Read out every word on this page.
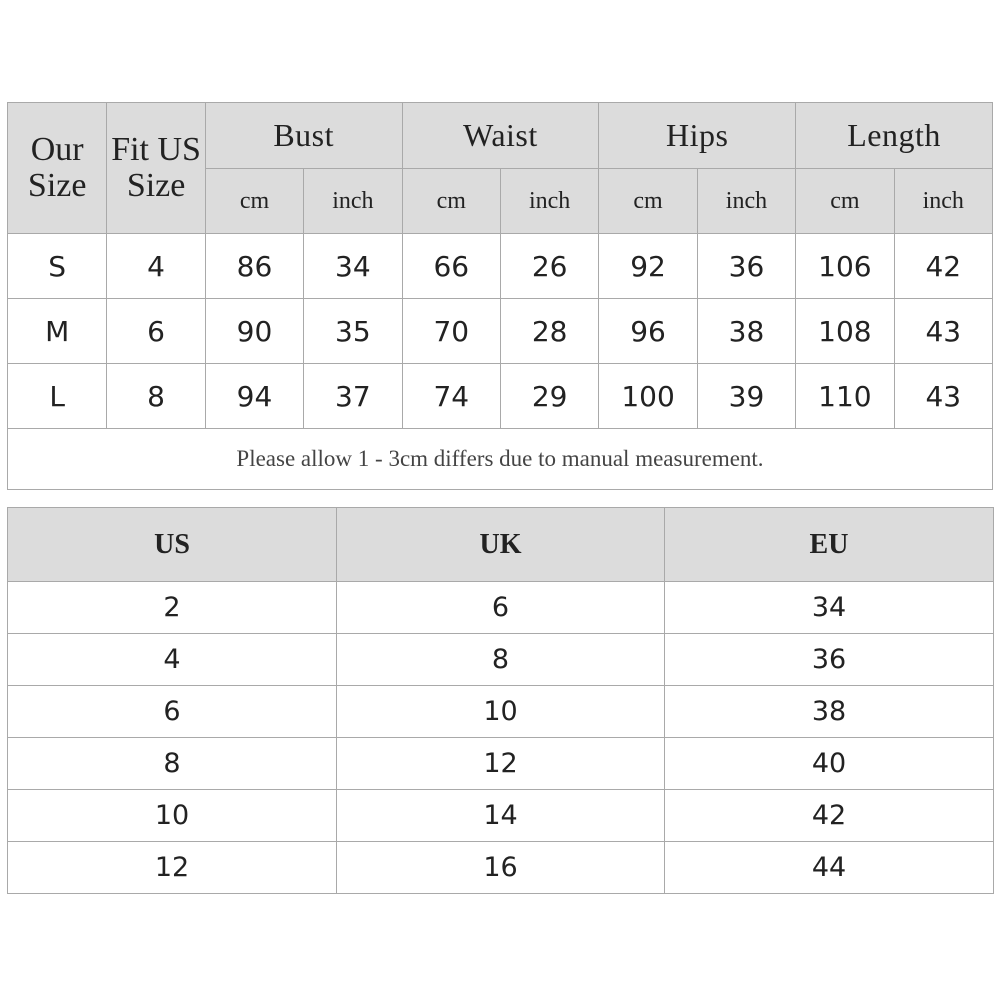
Our Size	Fit US Size	Bust		Waist		Hips		Length	
		cm	inch	cm	inch	cm	inch	cm	inch
S	4	86	34	66	26	92	36	106	42
M	6	90	35	70	28	96	38	108	43
L	8	94	37	74	29	100	39	110	43
Please allow 1 - 3cm differs due to manual measurement.									
US	UK	EU
2	6	34
4	8	36
6	10	38
8	12	40
10	14	42
12	16	44
